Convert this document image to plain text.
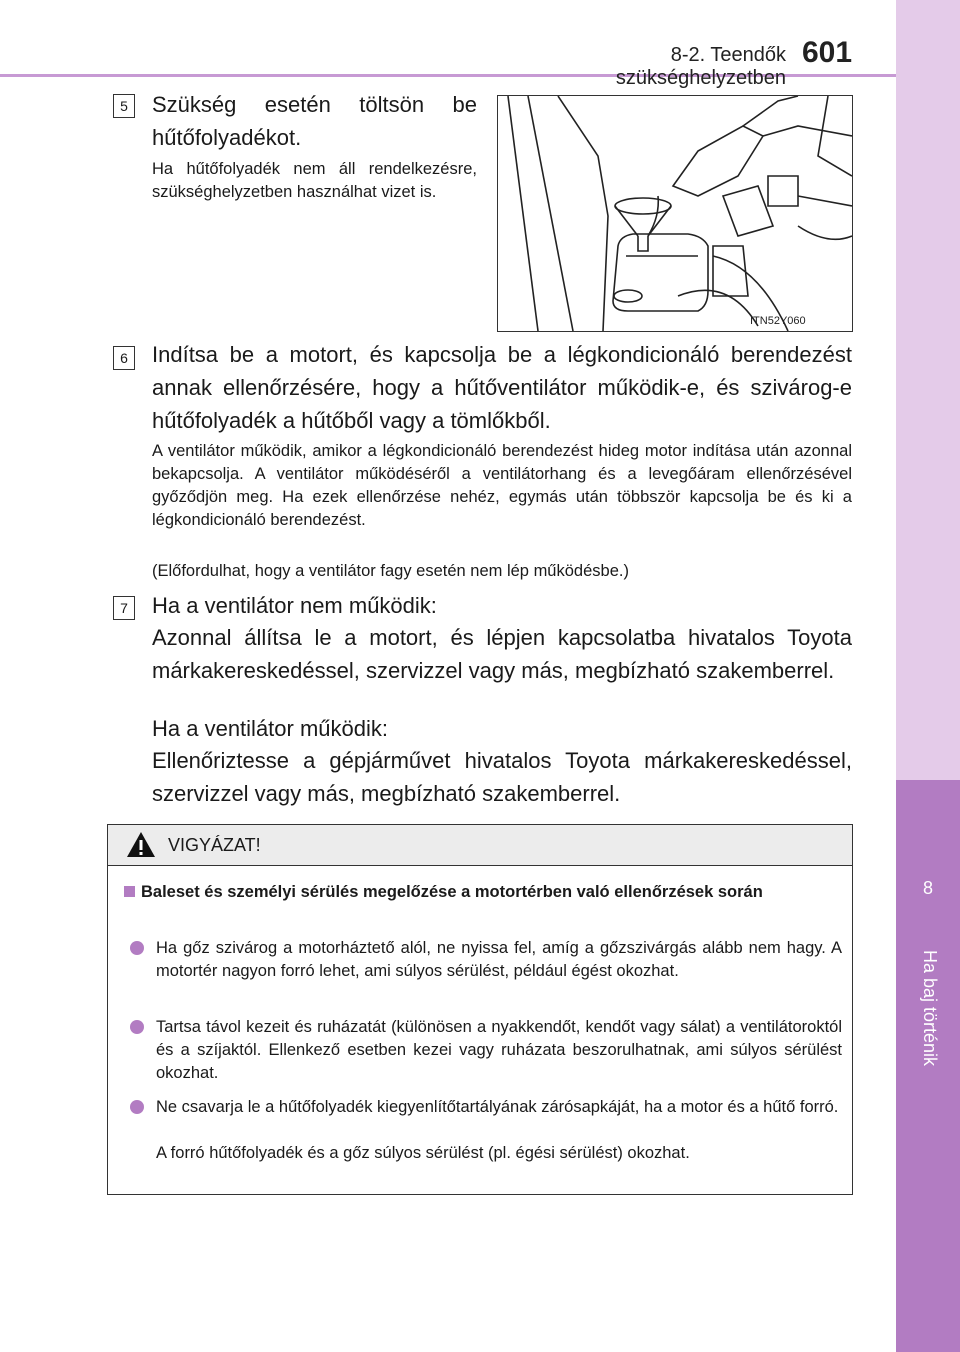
8-2. Teendők szükséghelyzetben
601
8
Ha baj történik
5	Szükség esetén töltsön be hűtőfolyadékot.
Ha hűtőfolyadék nem áll rendelkezésre, szükséghelyzetben használhat vizet is.
ITN52Y060
6	Indítsa be a motort, és kapcsolja be a légkondicionáló berendezést annak ellenőrzésére, hogy a hűtőventilátor működik-e, és szivárog-e hűtőfolyadék a hűtőből vagy a tömlőkből.
A ventilátor működik, amikor a légkondicionáló berendezést hideg motor indítása után azonnal bekapcsolja. A ventilátor működéséről a ventilátorhang és a levegőáram ellenőrzésével győződjön meg. Ha ezek ellenőrzése nehéz, egymás után többször kapcsolja be és ki a légkondicionáló berendezést.
(Előfordulhat, hogy a ventilátor fagy esetén nem lép működésbe.)
7	Ha a ventilátor nem működik:
Azonnal állítsa le a motort, és lépjen kapcsolatba hivatalos Toyota márkakereskedéssel, szervizzel vagy más, megbízható szakemberrel.
Ha a ventilátor működik:
Ellenőriztesse a gépjárművet hivatalos Toyota márkakereskedéssel, szervizzel vagy más, megbízható szakemberrel.
VIGYÁZAT!
Baleset és személyi sérülés megelőzése a motortérben való ellenőrzések során
Ha gőz szivárog a motorháztető alól, ne nyissa fel, amíg a gőzszivárgás alább nem hagy. A motortér nagyon forró lehet, ami súlyos sérülést, például égést okozhat.
Tartsa távol kezeit és ruházatát (különösen a nyakkendőt, kendőt vagy sálat) a ventilátoroktól és a szíjaktól. Ellenkező esetben kezei vagy ruházata beszorulhatnak, ami súlyos sérülést okozhat.
Ne csavarja le a hűtőfolyadék kiegyenlítőtartályának zárósapkáját, ha a motor és a hűtő forró.
A forró hűtőfolyadék és a gőz súlyos sérülést (pl. égési sérülést) okozhat.
